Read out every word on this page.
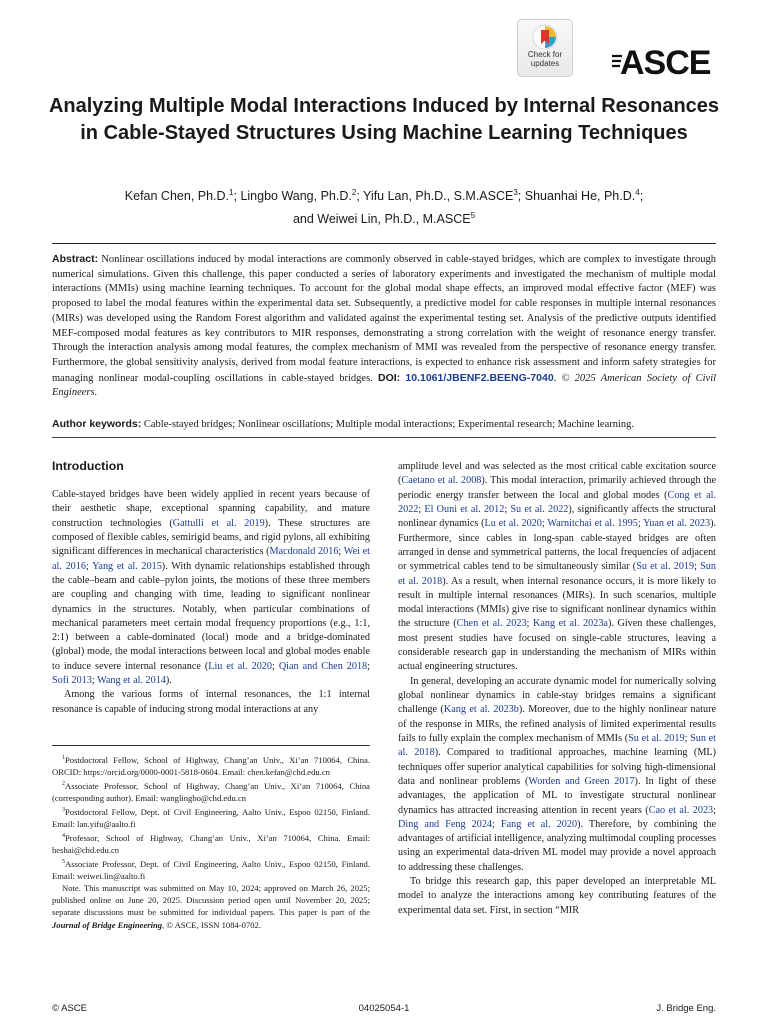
Check for
updates	ASCE
Analyzing Multiple Modal Interactions Induced by Internal Resonances in Cable-Stayed Structures Using Machine Learning Techniques

Kefan Chen, Ph.D.$^1$; Lingbo Wang, Ph.D.$^2$; Yifu Lan, Ph.D., S.M.ASCE$^3$; Shuanhai He, Ph.D.$^4$;
and Weiwei Lin, Ph.D., M.ASCE$^5$

Abstract: Nonlinear oscillations induced by modal interactions are commonly observed in cable-stayed bridges, which are complex to investigate through numerical simulations. Given this challenge, this paper conducted a series of laboratory experiments and investigated the mechanism of multiple modal interactions (MMIs) using machine learning techniques. To account for the global modal shape effects, an improved modal effective factor (MEF) was proposed to label the modal features within the experimental data set. Subsequently, a predictive model for cable responses in multiple internal resonances (MIRs) was developed using the Random Forest algorithm and validated against the experimental testing set. Analysis of the predictive outputs identified MEF-composed modal features as key contributors to MIR responses, demonstrating a strong correlation with the weight of resonance energy transfer. Through the interaction analysis among modal features, the complex mechanism of MMI was revealed from the perspective of resonance energy transfer. Furthermore, the global sensitivity analysis, derived from modal feature interactions, is expected to enhance risk assessment and inform safety strategies for managing nonlinear modal-coupling oscillations in cable-stayed bridges. DOI: 10.1061/JBENF2.BEENG-7040. © 2025 American Society of Civil Engineers.

Author keywords: Cable-stayed bridges; Nonlinear oscillations; Multiple modal interactions; Experimental research; Machine learning.

Introduction

Cable-stayed bridges have been widely applied in recent years because of their aesthetic shape, exceptional spanning capability, and mature construction technologies (Gattulli et al. 2019). These structures are composed of flexible cables, semirigid beams, and rigid pylons, all exhibiting significant differences in mechanical characteristics (Macdonald 2016; Wei et al. 2016; Yang et al. 2015). With dynamic relationships established through the cable–beam and cable–pylon joints, the motions of these three members are coupling and changing with time, leading to significant nonlinear dynamics in the structures. Notably, when particular combinations of mechanical parameters meet certain modal frequency proportions (e.g., 1:1, 2:1) between a cable-dominated (local) mode and a bridge-dominated (global) mode, the modal interactions between local and global modes enable to induce severe internal resonance (Liu et al. 2020; Qian and Chen 2018; Sofi 2013; Wang et al. 2014).

Among the various forms of internal resonances, the 1:1 internal resonance is capable of inducing strong modal interactions at any

amplitude level and was selected as the most critical cable excitation source (Caetano et al. 2008). This modal interaction, primarily achieved through the periodic energy transfer between the local and global modes (Cong et al. 2022; El Ouni et al. 2012; Su et al. 2022), significantly affects the structural nonlinear dynamics (Lu et al. 2020; Warnitchai et al. 1995; Yuan et al. 2023). Furthermore, since cables in long-span cable-stayed bridges are often arranged in dense and symmetrical patterns, the local frequencies of adjacent or symmetrical cables tend to be simultaneously similar (Su et al. 2019; Sun et al. 2018). As a result, when internal resonance occurs, it is more likely to result in multiple internal resonances (MIRs). In such scenarios, multiple modal interactions (MMIs) give rise to significant nonlinear dynamics within the structure (Chen et al. 2023; Kang et al. 2023a). Given these challenges, most present studies have focused on single-cable structures, leaving a considerable research gap in understanding the mechanism of MIRs within actual engineering structures.

In general, developing an accurate dynamic model for numerically solving global nonlinear dynamics in cable-stay bridges remains a significant challenge (Kang et al. 2023b). Moreover, due to the highly nonlinear nature of the response in MIRs, the refined analysis of limited experimental results fails to fully explain the complex mechanism of MMIs (Su et al. 2019; Sun et al. 2018). Compared to traditional approaches, machine learning (ML) techniques offer superior analytical capabilities for solving high-dimensional data and nonlinear problems (Worden and Green 2017). In light of these advantages, the application of ML to investigate structural nonlinear dynamics has attracted increasing attention in recent years (Cao et al. 2023; Ding and Feng 2024; Fang et al. 2020). Therefore, by combining the advantages of artificial intelligence, analyzing multimodal coupling processes using an experimental data-driven ML model may provide a novel approach to addressing these challenges.

To bridge this research gap, this paper developed an interpretable ML model to analyze the interactions among key contributing features of the experimental data set. First, in section “MIR

$^1$Postdoctoral Fellow, School of Highway, Chang’an Univ., Xi’an 710064, China. ORCID: https://orcid.org/0000-0001-5818-0604. Email: chen.kefan@chd.edu.cn

$^2$Associate Professor, School of Highway, Chang’an Univ., Xi’an 710064, China (corresponding author). Email: wanglingbo@chd.edu.cn

$^3$Postdoctoral Fellow, Dept. of Civil Engineering, Aalto Univ., Espoo 02150, Finland. Email: lan.yifu@aalto.fi

$^4$Professor, School of Highway, Chang’an Univ., Xi’an 710064, China. Email: heshai@chd.edu.cn

$^5$Associate Professor, Dept. of Civil Engineering, Aalto Univ., Espoo 02150, Finland. Email: weiwei.lin@aalto.fi

Note. This manuscript was submitted on May 10, 2024; approved on March 26, 2025; published online on June 20, 2025. Discussion period open until November 20, 2025; separate discussions must be submitted for individual papers. This paper is part of the Journal of Bridge Engineering, © ASCE, ISSN 1084-0702.

© ASCE	04025054-1	J. Bridge Eng.
